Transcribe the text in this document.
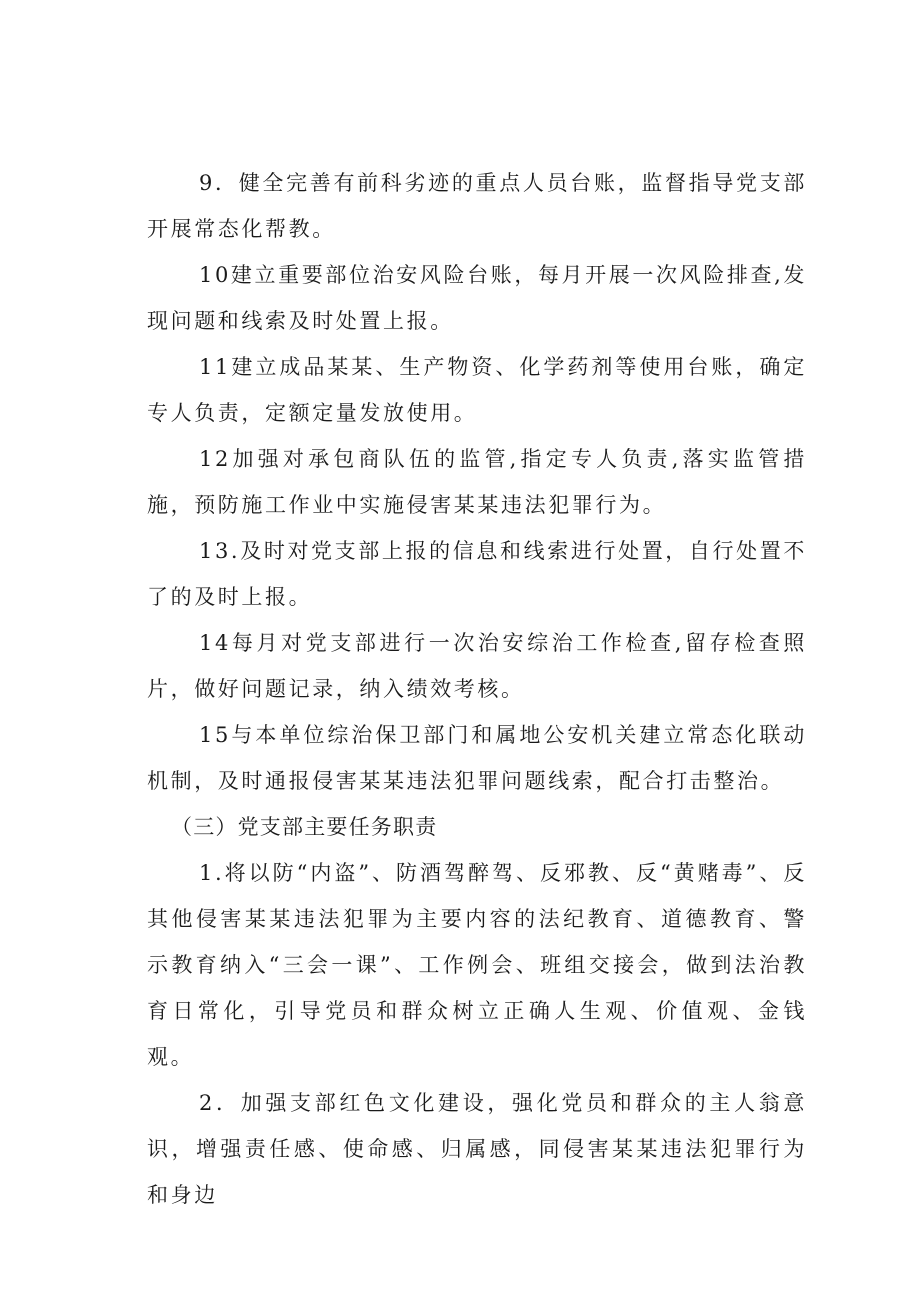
9．健全完善有前科劣迹的重点人员台账，监督指导党支部开展常态化帮教。

10建立重要部位治安风险台账，每月开展一次风险排查,发现问题和线索及时处置上报。

11建立成品某某、生产物资、化学药剂等使用台账，确定专人负责，定额定量发放使用。

12加强对承包商队伍的监管,指定专人负责,落实监管措施，预防施工作业中实施侵害某某违法犯罪行为。

13.及时对党支部上报的信息和线索进行处置，自行处置不了的及时上报。

14每月对党支部进行一次治安综治工作检查,留存检查照片，做好问题记录，纳入绩效考核。

15与本单位综治保卫部门和属地公安机关建立常态化联动机制，及时通报侵害某某违法犯罪问题线索，配合打击整治。

（三）党支部主要任务职责

1.将以防“内盗”、防酒驾醉驾、反邪教、反“黄赌毒”、反其他侵害某某违法犯罪为主要内容的法纪教育、道德教育、警示教育纳入“三会一课”、工作例会、班组交接会，做到法治教育日常化，引导党员和群众树立正确人生观、价值观、金钱观。

2．加强支部红色文化建设，强化党员和群众的主人翁意识，增强责任感、使命感、归属感，同侵害某某违法犯罪行为和身边
